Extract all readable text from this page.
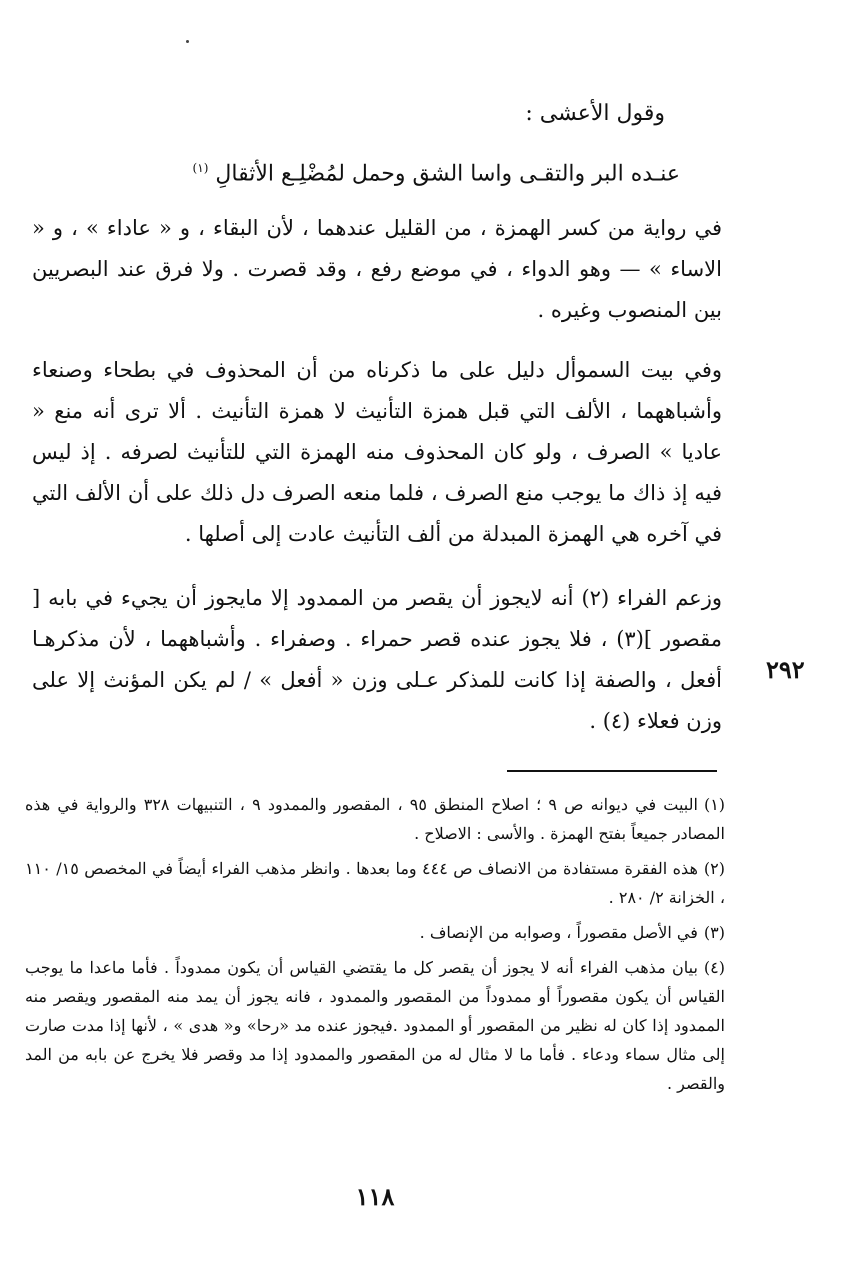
وقول الأعشى :
عنـده البر والتقـى واسا الشق وحمل لمُضْلِـع الأثقالِ $^{(١)}$
في رواية من كسر الهمزة ، من القليل عندهما ، لأن البقاء ، و « عاداء » ، و « الاساء » — وهو الدواء ، في موضع رفع ، وقد قصرت . ولا فرق عند البصريين بين المنصوب وغيره .
وفي بيت السموأل دليل على ما ذكرناه من أن المحذوف في بطحاء وصنعاء وأشباههما ، الألف التي قبل همزة التأنيث لا همزة التأنيث . ألا ترى أنه منع « عاديا » الصرف ، ولو كان المحذوف منه الهمزة التي للتأنيث لصرفه . إذ ليس فيه إذ ذاك ما يوجب منع الصرف ، فلما منعه الصرف دل ذلك على أن الألف التي في آخره هي الهمزة المبدلة من ألف التأنيث عادت إلى أصلها .
وزعم الفراء (٢) أنه لايجوز أن يقصر من الممدود إلا مايجوز أن يجيء في بابه [ مقصور ](٣) ، فلا يجوز عنده قصر حمراء . وصفراء . وأشباههما ، لأن مذكرهـا أفعل ، والصفة إذا كانت للمذكر عـلى وزن « أفعل » / لم يكن المؤنث إلا على وزن فعلاء (٤) .
٢٩٢
(١)البيت في ديوانه ص ٩ ؛ اصلاح المنطق ٩٥ ، المقصور والممدود ٩ ، التنبيهات ٣٢٨ والرواية في هذه المصادر جميعاً بفتح الهمزة . والأسى : الاصلاح .
(٢)هذه الفقرة مستفادة من الانصاف ص ٤٤٤ وما بعدها . وانظر مذهب الفراء أيضاً في المخصص ١٥/ ١١٠ ، الخزانة ٢/ ٢٨٠ .
(٣)في الأصل مقصوراً ، وصوابه من الإنصاف .
(٤)بيان مذهب الفراء أنه لا يجوز أن يقصر كل ما يقتضي القياس أن يكون ممدوداً . فأما ماعدا ما يوجب القياس أن يكون مقصوراً أو ممدوداً من المقصور والممدود ، فانه يجوز أن يمد منه المقصور ويقصر منه الممدود إذا كان له نظير من المقصور أو الممدود .فيجوز عنده مد «رحا» و« هدى » ، لأنها إذا مدت صارت إلى مثال سماء ودعاء . فأما ما لا مثال له من المقصور والممدود إذا مد وقصر فلا يخرج عن بابه من المد والقصر .
١١٨
